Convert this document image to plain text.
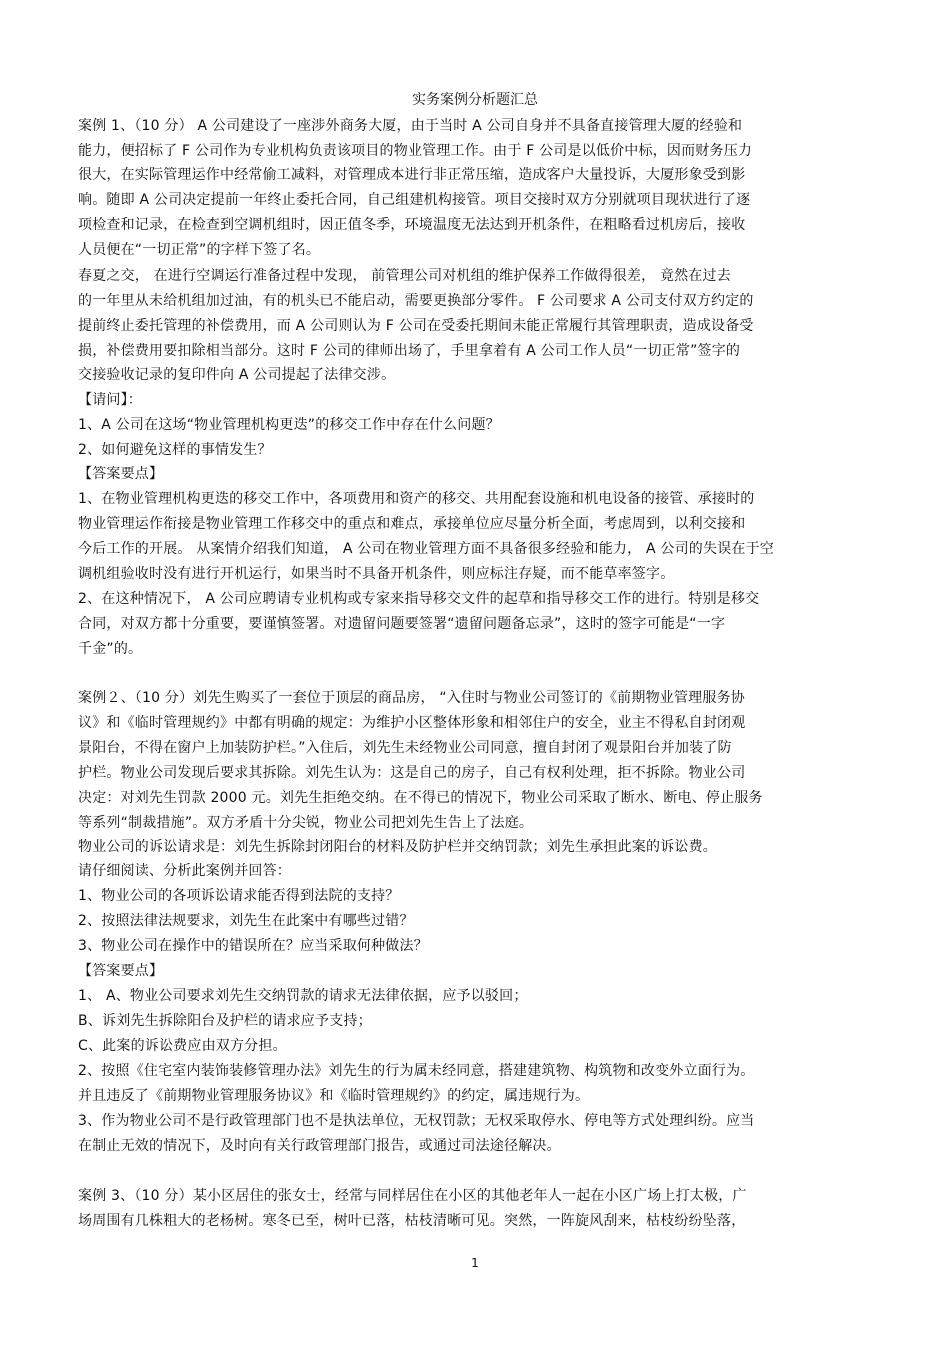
实务案例分析题汇总
案例 1、（10 分） A 公司建设了一座涉外商务大厦，由于当时 A 公司自身并不具备直接管理大厦的经验和
能力，便招标了 F 公司作为专业机构负责该项目的物业管理工作。由于 F 公司是以低价中标，因而财务压力
很大，在实际管理运作中经常偷工减料，对管理成本进行非正常压缩，造成客户大量投诉，大厦形象受到影
响。随即 A 公司决定提前一年终止委托合同，自己组建机构接管。项目交接时双方分别就项目现状进行了逐
项检查和记录，在检查到空调机组时，因正值冬季，环境温度无法达到开机条件，在粗略看过机房后，接收
人员便在“一切正常”的字样下签了名。
春夏之交， 在进行空调运行准备过程中发现， 前管理公司对机组的维护保养工作做得很差， 竟然在过去
的一年里从未给机组加过油，有的机头已不能启动，需要更换部分零件。 F 公司要求 A 公司支付双方约定的
提前终止委托管理的补偿费用，而 A 公司则认为 F 公司在受委托期间未能正常履行其管理职责，造成设备受
损，补偿费用要扣除相当部分。这时 F 公司的律师出场了，手里拿着有 A 公司工作人员“一切正常”签字的
交接验收记录的复印件向 A 公司提起了法律交涉。
【请问】：
1、A 公司在这场“物业管理机构更迭”的移交工作中存在什么问题？
2、如何避免这样的事情发生？
【答案要点】
1、在物业管理机构更迭的移交工作中，各项费用和资产的移交、共用配套设施和机电设备的接管、承接时的
物业管理运作衔接是物业管理工作移交中的重点和难点，承接单位应尽量分析全面，考虑周到，以利交接和
今后工作的开展。 从案情介绍我们知道， A 公司在物业管理方面不具备很多经验和能力， A 公司的失误在于空
调机组验收时没有进行开机运行，如果当时不具备开机条件，则应标注存疑，而不能草率签字。
2、在这种情况下， A 公司应聘请专业机构或专家来指导移交文件的起草和指导移交工作的进行。特别是移交
合同，对双方都十分重要，要谨慎签署。对遗留问题要签署“遗留问题备忘录”，这时的签字可能是“一字
千金”的。
案例２、（10 分）刘先生购买了一套位于顶层的商品房， “入住时与物业公司签订的《前期物业管理服务协
议》和《临时管理规约》中都有明确的规定：为维护小区整体形象和相邻住户的安全，业主不得私自封闭观
景阳台，不得在窗户上加装防护栏。”入住后，刘先生未经物业公司同意，擅自封闭了观景阳台并加装了防
护栏。物业公司发现后要求其拆除。刘先生认为：这是自己的房子，自己有权利处理，拒不拆除。物业公司
决定：对刘先生罚款 2000 元。刘先生拒绝交纳。在不得已的情况下，物业公司采取了断水、断电、停止服务
等系列“制裁措施”。双方矛盾十分尖锐，物业公司把刘先生告上了法庭。
物业公司的诉讼请求是：刘先生拆除封闭阳台的材料及防护栏并交纳罚款；刘先生承担此案的诉讼费。
请仔细阅读、分析此案例并回答：
1、物业公司的各项诉讼请求能否得到法院的支持？
2、按照法律法规要求，刘先生在此案中有哪些过错？
3、物业公司在操作中的错误所在？应当采取何种做法？
【答案要点】
1、 A、物业公司要求刘先生交纳罚款的请求无法律依据，应予以驳回；
B、诉刘先生拆除阳台及护栏的请求应予支持；
C、此案的诉讼费应由双方分担。
2、按照《住宅室内装饰装修管理办法》刘先生的行为属未经同意，搭建建筑物、构筑物和改变外立面行为。
并且违反了《前期物业管理服务协议》和《临时管理规约》的约定，属违规行为。
3、作为物业公司不是行政管理部门也不是执法单位，无权罚款；无权采取停水、停电等方式处理纠纷。应当
在制止无效的情况下，及时向有关行政管理部门报告，或通过司法途径解决。
案例 3、（10 分）某小区居住的张女士，经常与同样居住在小区的其他老年人一起在小区广场上打太极，广
场周围有几株粗大的老杨树。寒冬已至，树叶已落，枯枝清晰可见。突然，一阵旋风刮来，枯枝纷纷坠落，
1
